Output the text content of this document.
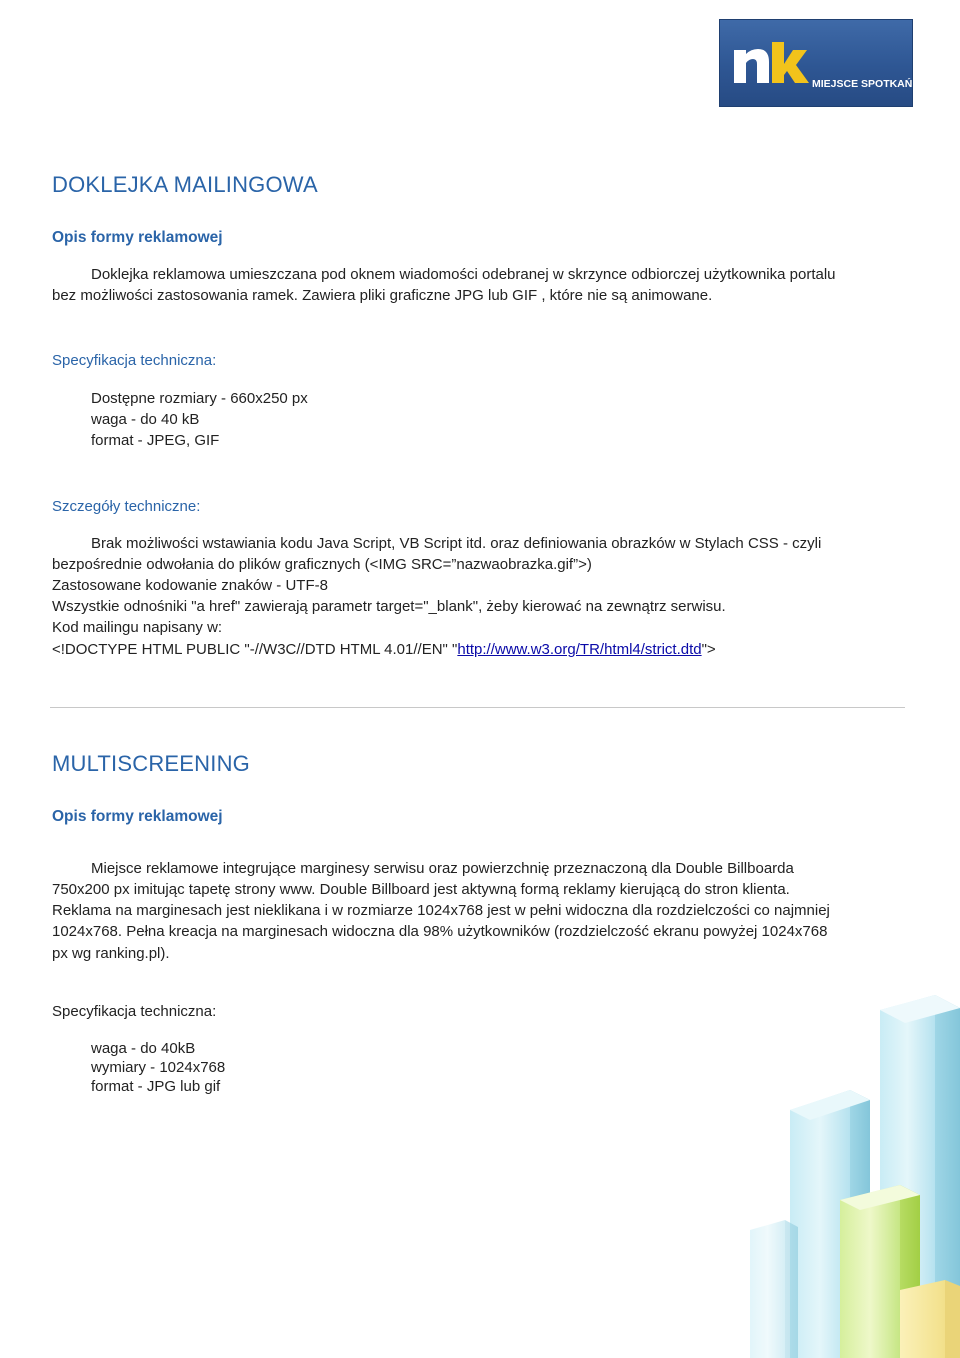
MIEJSCE SPOTKAŃ
DOKLEJKA MAILINGOWA
Opis formy reklamowej

Doklejka reklamowa umieszczana pod oknem wiadomości odebranej w skrzynce odbiorczej użytkownika portalu

bez możliwości zastosowania ramek. Zawiera pliki graficzne JPG lub GIF , które nie są animowane.

Specyfikacja techniczna:

Dostępne rozmiary - 660x250 px

waga - do 40 kB

format - JPEG, GIF

Szczegóły techniczne:

Brak możliwości wstawiania kodu Java Script, VB Script itd. oraz definiowania obrazków w Stylach CSS - czyli

bezpośrednie odwołania do plików graficznych (<IMG SRC=”nazwaobrazka.gif”>)

Zastosowane kodowanie znaków - UTF-8

Wszystkie odnośniki "a href" zawierają parametr target="_blank", żeby kierować na zewnątrz serwisu.

Kod mailingu napisany w:

<!DOCTYPE HTML PUBLIC "-//W3C//DTD HTML 4.01//EN" "http://www.w3.org/TR/html4/strict.dtd">

MULTISCREENING
Opis formy reklamowej

Miejsce reklamowe integrujące marginesy serwisu oraz powierzchnię przeznaczoną dla Double Billboarda

750x200 px imitując tapetę strony www. Double Billboard jest aktywną formą reklamy kierującą do stron klienta.

Reklama na marginesach jest nieklikana i w rozmiarze 1024x768 jest w pełni widoczna dla rozdzielczości co najmniej

1024x768. Pełna kreacja na marginesach widoczna dla 98% użytkowników (rozdzielczość ekranu powyżej 1024x768

px wg ranking.pl).

Specyfikacja techniczna:

waga - do 40kB

wymiary - 1024x768

format - JPG lub gif
